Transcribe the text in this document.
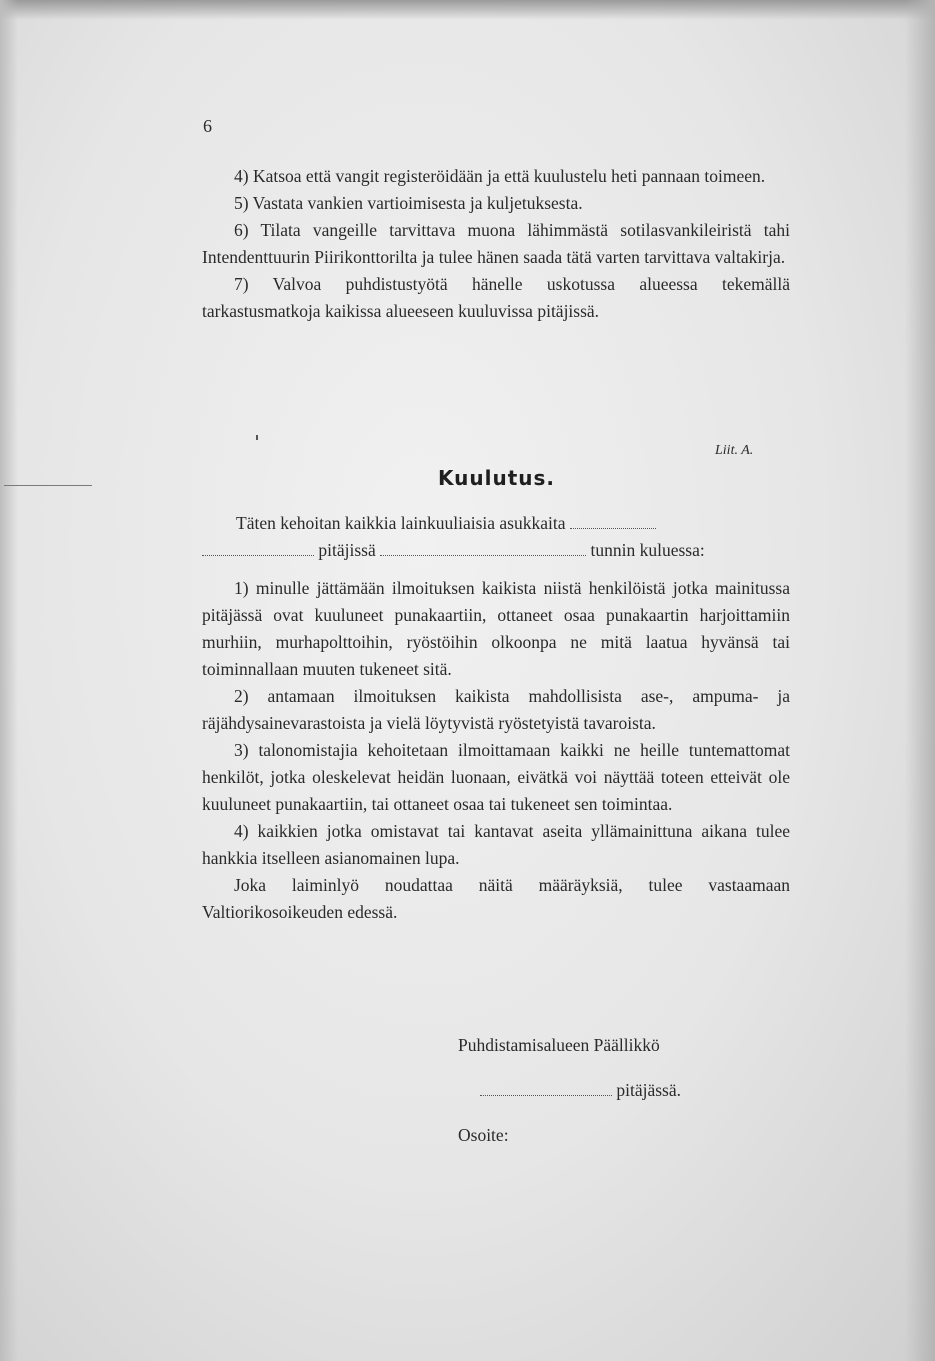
6

4) Katsoa että vangit registeröidään ja että kuulustelu heti pannaan toimeen.

5) Vastata vankien vartioimisesta ja kuljetuksesta.

6) Tilata vangeille tarvittava muona lähimmästä sotilasvankileiristä tahi Intendenttuurin Piirikonttorilta ja tulee hänen saada tätä varten tarvittava valtakirja.

7) Valvoa puhdistustyötä hänelle uskotussa alueessa tekemällä tarkastusmatkoja kaikissa alueeseen kuuluvissa pitäjissä.

Liit. A.
Kuulutus.
Täten kehoitan kaikkia lainkuuliaisia asukkaita
pitäjissä	tunnin kuluessa:

1) minulle jättämään ilmoituksen kaikista niistä henkilöistä jotka mainitussa pitäjässä ovat kuuluneet punakaartiin, ottaneet osaa punakaartin harjoittamiin murhiin, murhapolttoihin, ryöstöihin olkoonpa ne mitä laatua hyvänsä tai toiminnallaan muuten tukeneet sitä.

2) antamaan ilmoituksen kaikista mahdollisista ase-, ampuma- ja räjähdysainevarastoista ja vielä löytyvistä ryöstetyistä tavaroista.

3) talonomistajia kehoitetaan ilmoittamaan kaikki ne heille tuntemattomat henkilöt, jotka oleskelevat heidän luonaan, eivätkä voi näyttää toteen etteivät ole kuuluneet punakaartiin, tai ottaneet osaa tai tukeneet sen toimintaa.

4) kaikkien jotka omistavat tai kantavat aseita yllämainittuna aikana tulee hankkia itselleen asianomainen lupa.

Joka laiminlyö noudattaa näitä määräyksiä, tulee vastaamaan Valtiorikosoikeuden edessä.

Puhdistamisalueen Päällikkö
pitäjässä.
Osoite:
